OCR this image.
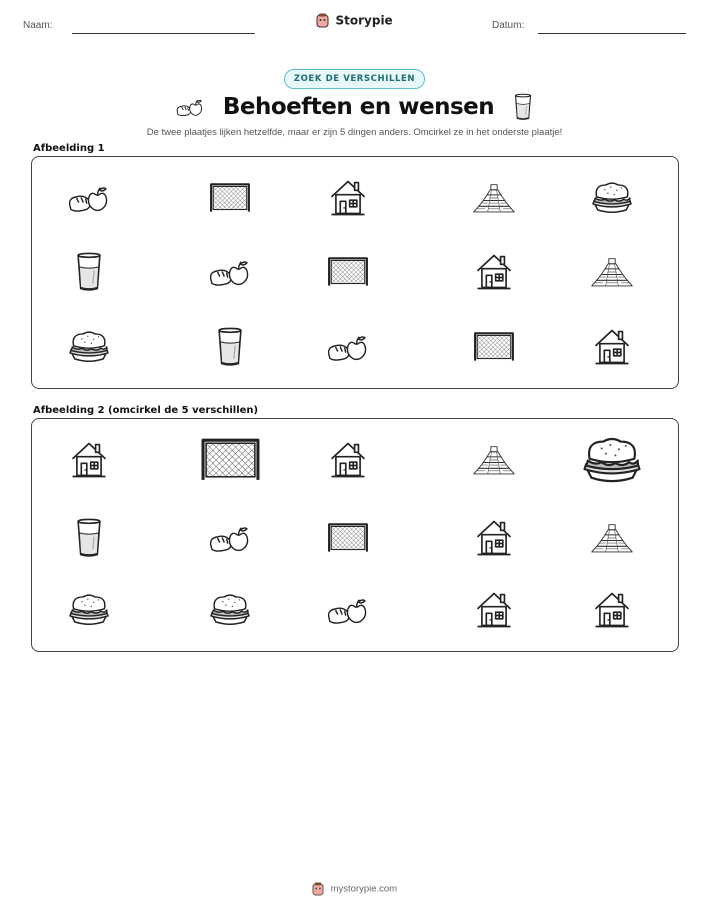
Naam:	Storypie	Datum:
ZOEK DE VERSCHILLEN
Behoeften en wensen
De twee plaatjes lijken hetzelfde, maar er zijn 5 dingen anders. Omcirkel ze in het onderste plaatje!
Afbeelding 1
Afbeelding 2 (omcirkel de 5 verschillen)
mystorypie.com
